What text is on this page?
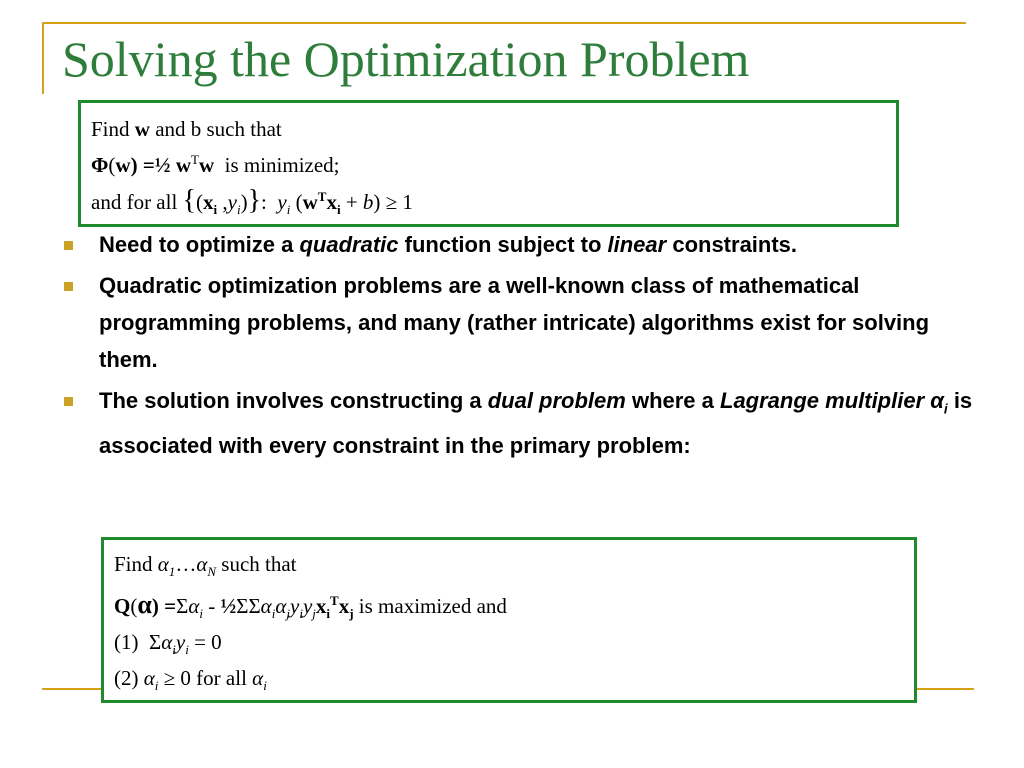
Solving the Optimization Problem
Find w and b such that
Φ(w) =½ $w^Tw$ is minimized;
and for all {($x_i$ $,y_i$)}: $y_i$ $(w^Tx_i + b) \ge 1$
Need to optimize a quadratic function subject to linear constraints.
Quadratic optimization problems are a well-known class of mathematical programming problems, and many (rather intricate) algorithms exist for solving them.
The solution involves constructing a dual problem where a Lagrange multiplier $\alpha_i$ is associated with every constraint in the primary problem:
Find $\alpha_1\dots\alpha_N$ such that
$Q(\alpha) =\Sigma\alpha_i$ - $\frac{1}{2}\Sigma\Sigma\alpha_i\alpha_jy_iy_jx_i^Tx_j$ is maximized and
(1) $\Sigma\alpha_iy_i = 0$
(2) $\alpha_i \ge 0$ for all $\alpha_i$
